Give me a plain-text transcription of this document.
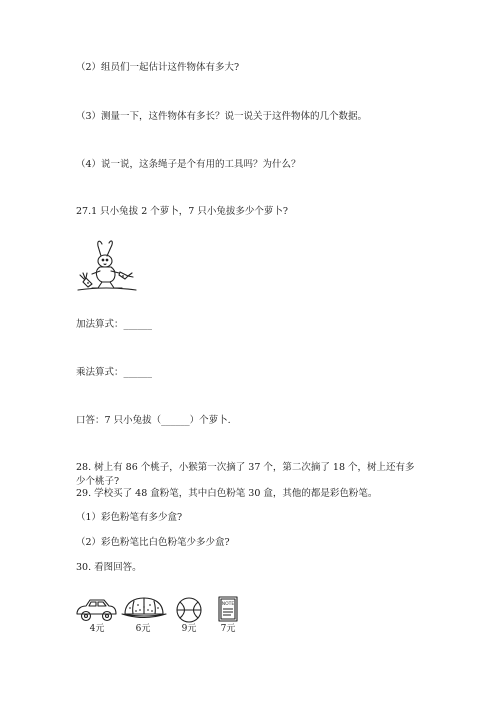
（2）组员们一起估计这件物体有多大?

（3）测量一下，这件物体有多长？说一说关于这件物体的几个数据。

（4）说一说，这条绳子是个有用的工具吗？为什么？

27.1 只小兔拔 2 个萝卜，7 只小兔拔多少个萝卜?

加法算式：______

乘法算式：______

口答：7 只小兔拔（______）个萝卜.

28. 树上有 86 个桃子，小猴第一次摘了 37 个，第二次摘了 18 个，树上还有多少个桃子?

29. 学校买了 48 盒粉笔，其中白色粉笔 30 盒，其他的都是彩色粉笔。

（1）彩色粉笔有多少盒?

（2）彩色粉笔比白色粉笔少多少盒?

30. 看图回答。

4元	6元	9元
NOTE
7元
